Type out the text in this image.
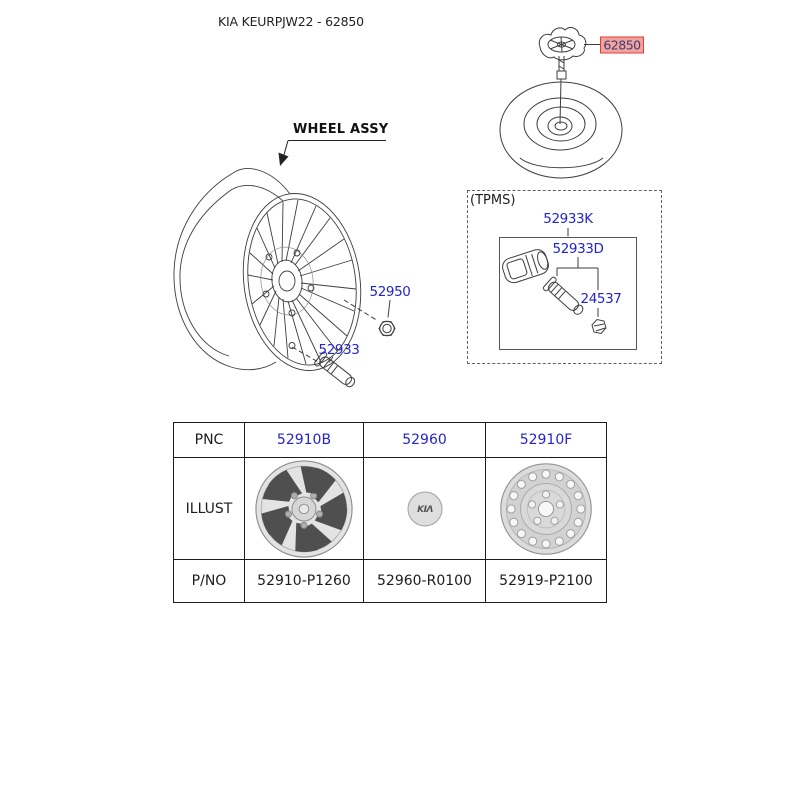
KIA KEURPJW22 - 62850
WHEEL ASSY
62850
52950
52933
(TPMS)
52933K
52933D
24537
PNC	52910B	52960	52910F
ILLUST		KIΛ

P/NO	52910-P1260	52960-R0100	52919-P2100
